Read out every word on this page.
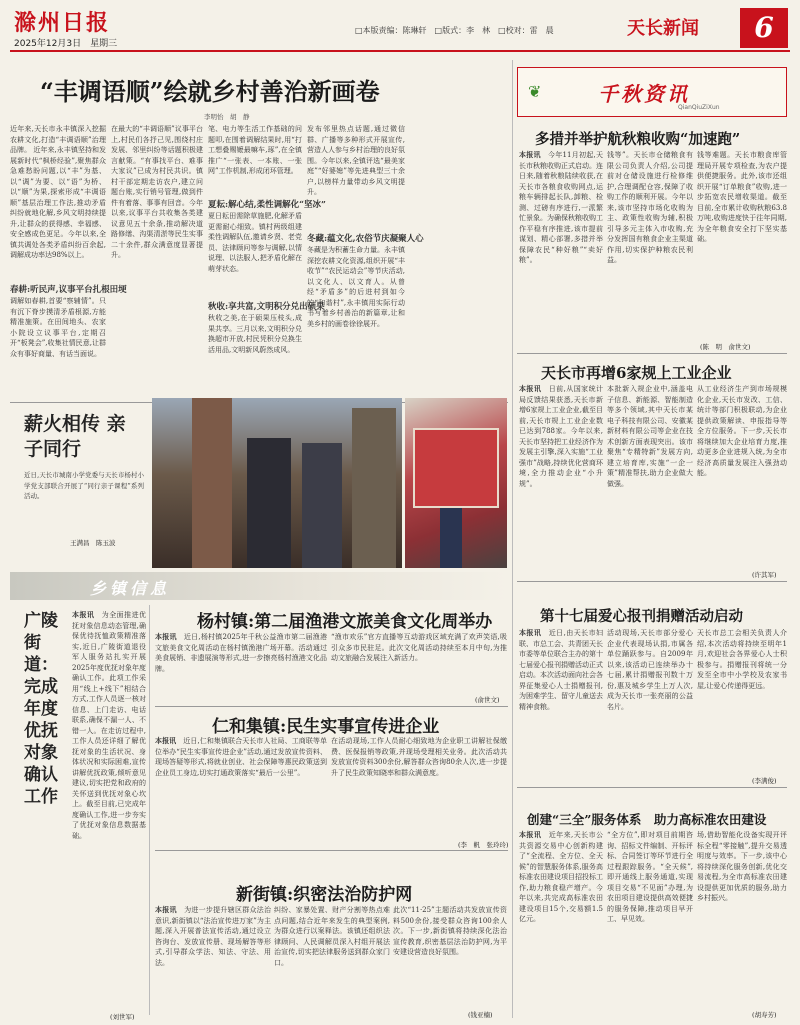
滁州日报
2025年12月3日　星期三
□本版责编：陈琳轩　□版式：李　林　□校对：雷　晨	天长新闻	6
“丰调语顺”绘就乡村善治新画卷
李明怡　胡　静
近年来,天长市永丰镇深入挖掘农耕文化,打造“丰调语顺”治理品牌。 近年来,永丰镇坚持和发展新时代“枫桥经验”,聚焦群众急难愁盼问题,以“丰”为基、以“调”为要、以“语”为桥、以“顺”为果,探索形成“丰调语顺”基层治理工作法,推动矛盾纠纷就地化解,乡风文明持续提升,让群众的获得感、幸福感、安全感成色更足。今年以来,全镇共调处各类矛盾纠纷百余起,调解成功率达98%以上。
春耕:听民声,议事平台扎根田埂
调解如春耕,首要“察辅情”。只有沉下脊步摸清矛盾根源,方能精准施策。在田间地头、农家小院设立议事平台,定期召开“板凳会”,收集社情民意,让群众有事好商量、有话当面说。
在最大的“丰调语顺”议事平台上,村民们各抒己见,围绕村庄发展、邻里纠纷等话题积极建言献策。“有事找平台、难事大家议”已成为村民共识。镇村干部定期走访农户,建立问题台账,实行销号管理,做到件件有着落、事事有回音。今年以来,议事平台共收集各类建议意见五十余条,推动解决道路修缮、沟渠清淤等民生实事二十余件,群众满意度显著提升。
笔、电力等生活工作基础的问题叩,在围着调解结果时,用“打工想叠赐嬷最嘛车,琢”,在全镇推广“一张表、一本账、一张网”工作机制,形成闭环管理。
夏耘:解心结,柔性调解化“坚冰”
夏日耘田需除草施肥,化解矛盾更需耐心细致。镇村两级组建柔性调解队伍,邀请乡贤、老党员、法律顾问等参与调解,以情说理、以法服人,把矛盾化解在萌芽状态。
秋收:享共富,文明积分兑出硕果
秋收之美,在于硕果压枝头,成果共享。三月以来,文明积分兑换超市开放,村民凭积分兑换生活用品,文明新风蔚然成风。
发布邻里热点话题,通过微信群、广播等多种形式开展宣传,营造人人参与乡村治理的良好氛围。今年以来,全镇评选“最美家庭”“好婆媳”等先进典型三十余户,以榜样力量带动乡风文明提升。
冬藏:蕴文化,农俗节庆凝聚人心
冬藏是为积蓄生命力量。永丰镇深挖农耕文化资源,组织开展“丰收节”“农民运动会”等节庆活动,以文化人、以文育人。从曾经“矛盾多”的后进村到如今的“和谐村”,永丰镇用实际行动书写着乡村善治的新篇章,让和美乡村的画卷徐徐展开。
千秋资讯
QianQiuZiXun
❦
多措并举护航秋粮收购“加速跑”
本报讯　今年11月初起,天长市秋粮收购正式启动。连日来,随着秋粮陆续收获,在天长市各粮食收购网点,运粮车辆排起长队,卸粮、检测、过磅有序进行,一派繁忙景象。为确保秋粮收购工作平稳有序推进,该市提前谋划、精心部署,多措并举保障农民“种好粮”“卖好粮”。
钱等”。天长市仓储粮食有限公司负责人介绍,公司提前对仓储设施进行检修维护,合理调配仓容,保障了收购工作的顺利开展。今年以来,该市坚持市场化收购为主、政策性收购为辅,积极引导多元主体入市收购,充分发挥国有粮食企业主渠道作用,切实保护种粮农民利益。
钱等难题。天长市粮食库管理局开展专项检查,为农户提供便捷服务。此外,该市还组织开展“订单粮食”收购,进一步拓宽农民增收渠道。截至目前,全市累计收购秋粮63.8万吨,收购进度快于往年同期,为全年粮食安全打下坚实基础。
(陈　明　俞世文)
天长市再增6家规上工业企业
本报讯　日前,从国家统计局反馈结果获悉,天长市新增6家规上工业企业,截至目前,天长市规上工业企业数已达到788家。今年以来,天长市坚持把工业经济作为发展主引擎,深入实施“工业强市”战略,持续优化营商环境,全力推动企业“小升规”。
本批新入规企业中,涵盖电子信息、新能源、智能制造等多个领域,其中天长市某电子科技有限公司、安徽某新材料有限公司等企业在技术创新方面表现突出。该市聚焦“专精特新”发展方向,建立培育库,实施“一企一策”精准帮扶,助力企业做大做强。
从工业经济生产到市场规模化企业,天长市发改、工信、统计等部门积极联动,为企业提供政策解读、申报指导等全方位服务。下一步,天长市将继续加大企业培育力度,推动更多企业进规入统,为全市经济高质量发展注入强劲动能。
(许其军)
第十七届爱心报刊捐赠活动启动
本报讯　近日,由天长市妇联、市总工会、共青团天长市委等单位联合主办的第十七届爱心报刊捐赠活动正式启动。本次活动面向社会各界征集爱心人士捐赠报刊,为困难学生、留守儿童送去精神食粮。
活动现场,天长市部分爱心企业代表现场认捐,市属各单位踊跃参与。自2009年以来,该活动已连续举办十七届,累计捐赠报刊数十万份,惠及城乡学生上万人次,成为天长市一张亮丽的公益名片。
天长市总工会相关负责人介绍,本次活动将持续至明年1月,欢迎社会各界爱心人士积极参与。捐赠报刊将统一分发至全市中小学校及农家书屋,让爱心传递得更远。
(李满俊)
创建“三全”服务体系　助力高标准农田建设
本报讯　近年来,天长市公共资源交易中心创新构建了“全流程、全方位、全天候”的智慧服务体系,服务高标准农田建设项目招投标工作,助力粮食稳产增产。今年以来,共完成高标准农田建设项目15个,交易额1.5亿元。
“全方位”,即对项目前期咨询、招标文件编制、开标评标、合同签订等环节进行全过程跟踪服务。“全天候”,即开通线上服务通道,实现项目交易“不见面”办理,为农田项目建设提供高效便捷的服务保障,推动项目早开工、早见效。
场,借助智能化设备实现开评标全程“零接触”,提升交易透明度与效率。下一步,该中心将持续深化服务创新,优化交易流程,为全市高标准农田建设提供更加优质的服务,助力乡村振兴。
(胡寿芳)
薪火相传 亲子同行
近日,天长市城南小学党委与天长市杨村小学党支部联合开展了“同行亲子课程”系列活动。
王满昌　陈玉波
乡镇信息
广陵街道：完成年度优抚对象确认工作
本报讯　为全面推进优抚对象信息动态管理,确保优待抚恤政策精准落实,近日,广陵街道退役军人服务站扎实开展2025年度优抚对象年度确认工作。此项工作采用“线上+线下”相结合方式,工作人员逐一核对信息、上门走访、电话联系,确保不漏一人、不错一人。在走访过程中,工作人员还详细了解优抚对象的生活状况、身体状况和实际困难,宣传讲解优抚政策,倾听意见建议,切实把党和政府的关怀送到优抚对象心坎上。截至目前,已完成年度确认工作,进一步夯实了优抚对象信息数据基础。
(刘世军)
杨村镇:第二届渔港文旅美食文化周举办
本报讯　近日,杨村镇2025年千秋公益渔市第二届渔港文旅美食文化周活动在杨村镇渔港广场开幕。活动通过美食展销、非遗展演等形式,进一步擦亮杨村渔港文化品牌。
“渔市欢乐”官方直播等互动游戏区域充满了欢声笑语,吸引众多市民驻足。此次文化周活动持续至本月中旬,为推动文旅融合发展注入新活力。
(俞世文)
仁和集镇:民生实事宣传进企业
本报讯　近日,仁和集镇联合天长市人社局、工商联等单位举办“民生实事宣传进企业”活动,通过发放宣传资料、现场答疑等形式,将就业创业、社会保障等惠民政策送到企业员工身边,切实打通政策落实“最后一公里”。
在活动现场,工作人员耐心细致地为企业职工讲解社保缴费、医保报销等政策,并现场受理相关业务。此次活动共发放宣传资料300余份,解答群众咨询80余人次,进一步提升了民生政策知晓率和群众满意度。
(李　帆　张玲玲)
新街镇:织密法治防护网
本报讯　为进一步提升辖区群众法治意识,新街镇以“法治宣传进万家”为主题,深入开展普法宣传活动,通过设立咨询台、发放宣传册、现场解答等形式,引导群众学法、知法、守法、用法。
纠纷、家暴处置、财产分割等热点难点问题,结合近年来发生的典型案例,为群众进行以案释法。该镇还组织法律顾问、人民调解员深入村组开展法治宣传,切实把法律服务送到群众家门口。
此次“11·25”主题活动共发放宣传资料500余份,接受群众咨询100余人次。下一步,新街镇将持续深化法治宣传教育,织密基层法治防护网,为平安建设营造良好氛围。
(钱亚楠)
